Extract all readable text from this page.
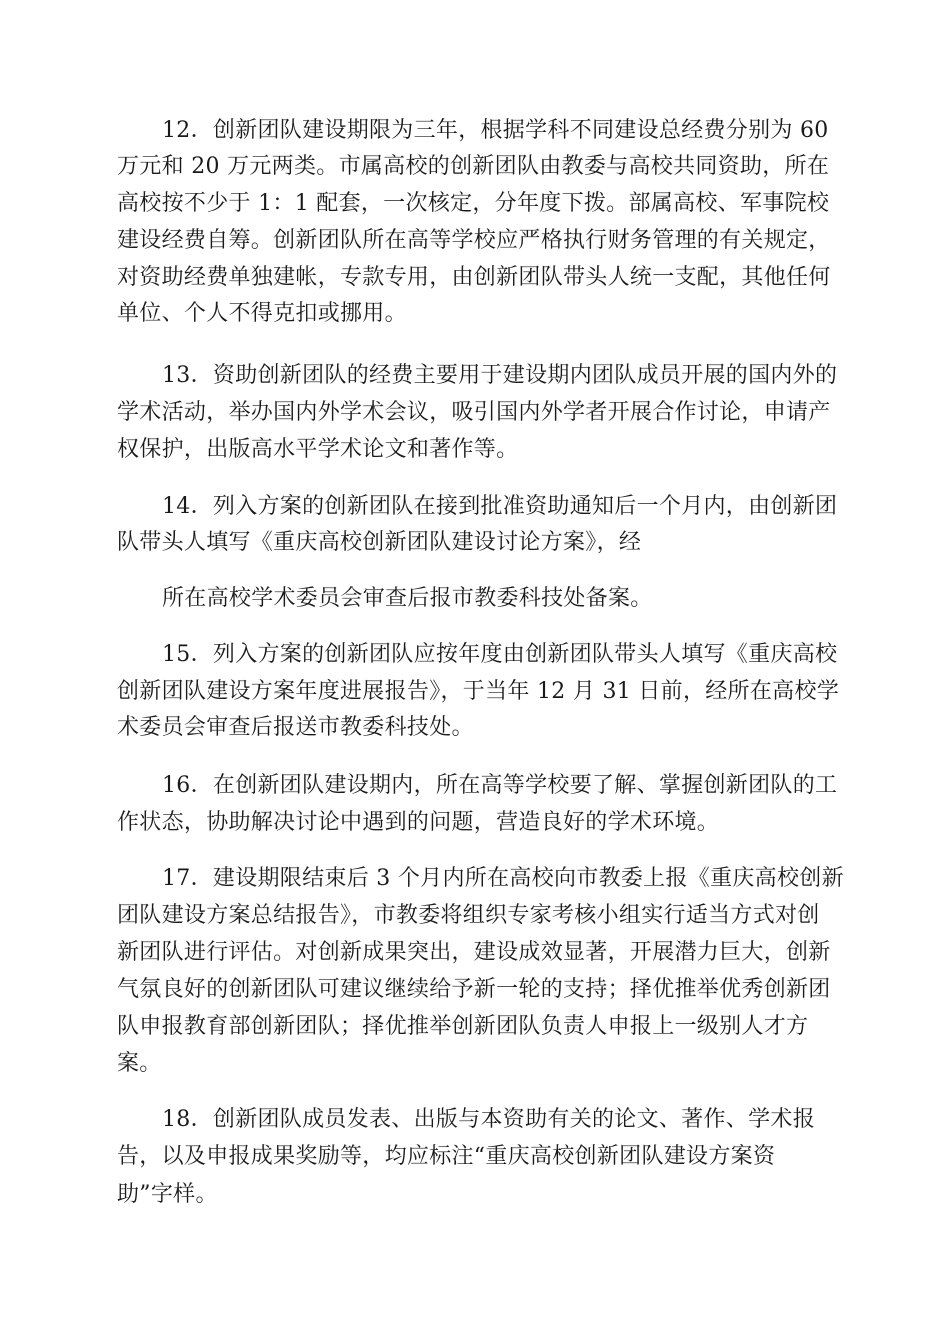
12．创新团队建设期限为三年，根据学科不同建设总经费分别为 60
万元和 20 万元两类。市属高校的创新团队由教委与高校共同资助，所在
高校按不少于 1：1 配套，一次核定，分年度下拨。部属高校、军事院校
建设经费自筹。创新团队所在高等学校应严格执行财务管理的有关规定，
对资助经费单独建帐，专款专用，由创新团队带头人统一支配，其他任何
单位、个人不得克扣或挪用。
13．资助创新团队的经费主要用于建设期内团队成员开展的国内外的
学术活动，举办国内外学术会议，吸引国内外学者开展合作讨论，申请产
权保护，出版高水平学术论文和著作等。
14．列入方案的创新团队在接到批准资助通知后一个月内，由创新团
队带头人填写《重庆高校创新团队建设讨论方案》，经
所在高校学术委员会审查后报市教委科技处备案。
15．列入方案的创新团队应按年度由创新团队带头人填写《重庆高校
创新团队建设方案年度进展报告》，于当年 12 月 31 日前，经所在高校学
术委员会审查后报送市教委科技处。
16．在创新团队建设期内，所在高等学校要了解、掌握创新团队的工
作状态，协助解决讨论中遇到的问题，营造良好的学术环境。
17．建设期限结束后 3 个月内所在高校向市教委上报《重庆高校创新
团队建设方案总结报告》，市教委将组织专家考核小组实行适当方式对创
新团队进行评估。对创新成果突出，建设成效显著，开展潜力巨大，创新
气氛良好的创新团队可建议继续给予新一轮的支持；择优推举优秀创新团
队申报教育部创新团队；择优推举创新团队负责人申报上一级别人才方
案。
18．创新团队成员发表、出版与本资助有关的论文、著作、学术报
告，以及申报成果奖励等，均应标注“重庆高校创新团队建设方案资
助”字样。
